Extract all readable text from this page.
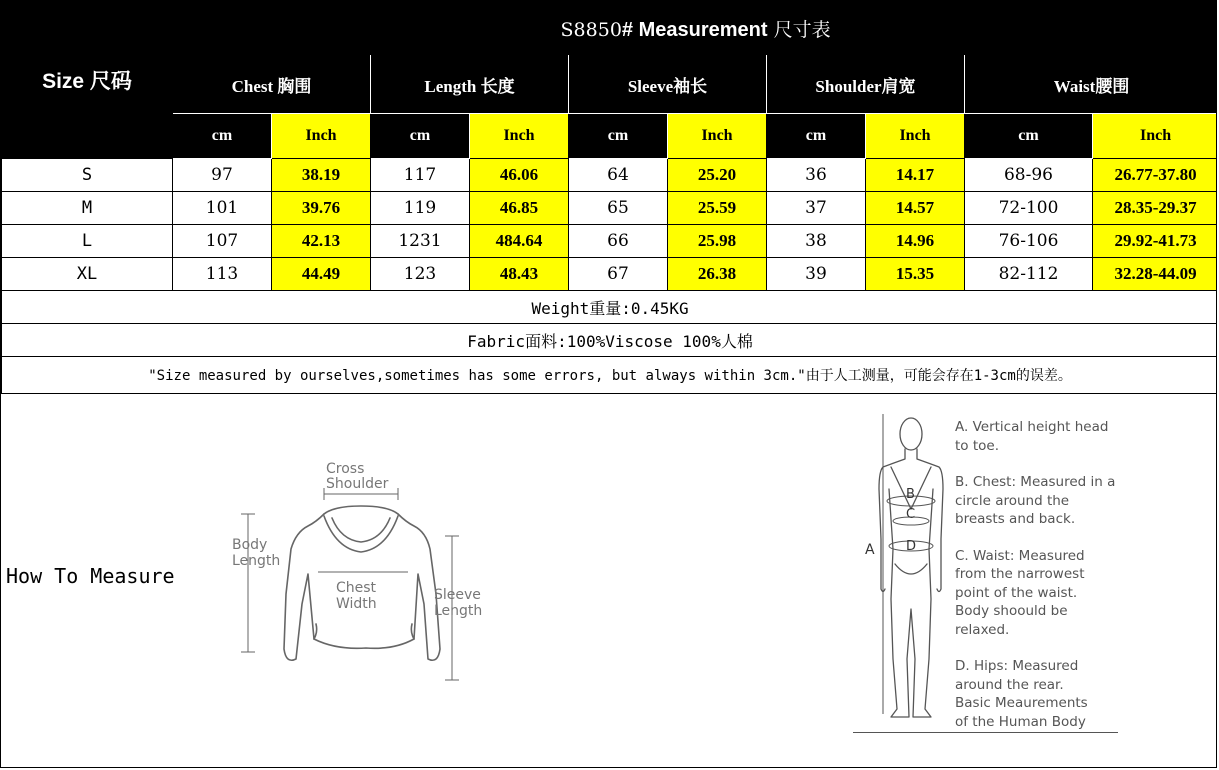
Size 尺码	S8850# Measurement 尺寸表									
	Chest 胸围		Length 长度		Sleeve袖长		Shoulder肩宽		Waist腰围	
	cm	Inch	cm	Inch	cm	Inch	cm	Inch	cm	Inch
S	97	38.19	117	46.06	64	25.20	36	14.17	68-96	26.77-37.80
M	101	39.76	119	46.85	65	25.59	37	14.57	72-100	28.35-29.37
L	107	42.13	1231	484.64	66	25.98	38	14.96	76-106	29.92-41.73
XL	113	44.49	123	48.43	67	26.38	39	15.35	82-112	32.28-44.09
Weight重量:0.45KG										
Fabric面料:100%Viscose 100%人棉										
"Size measured by ourselves,sometimes has some errors, but always within 3cm."由于人工测量，可能会存在1-3cm的误差。										
How To Measure
Cross
Shoulder
Body
Length
Chest
Width
Sleeve
Length
B
C
D
A
A. Vertical height head
to toe.
B. Chest: Measured in a
circle around the
breasts and back.
C. Waist: Measured
from the narrowest
point of the waist.
Body shoould be
relaxed.
D. Hips: Measured
around the rear.
Basic Meaurements
of the Human Body
